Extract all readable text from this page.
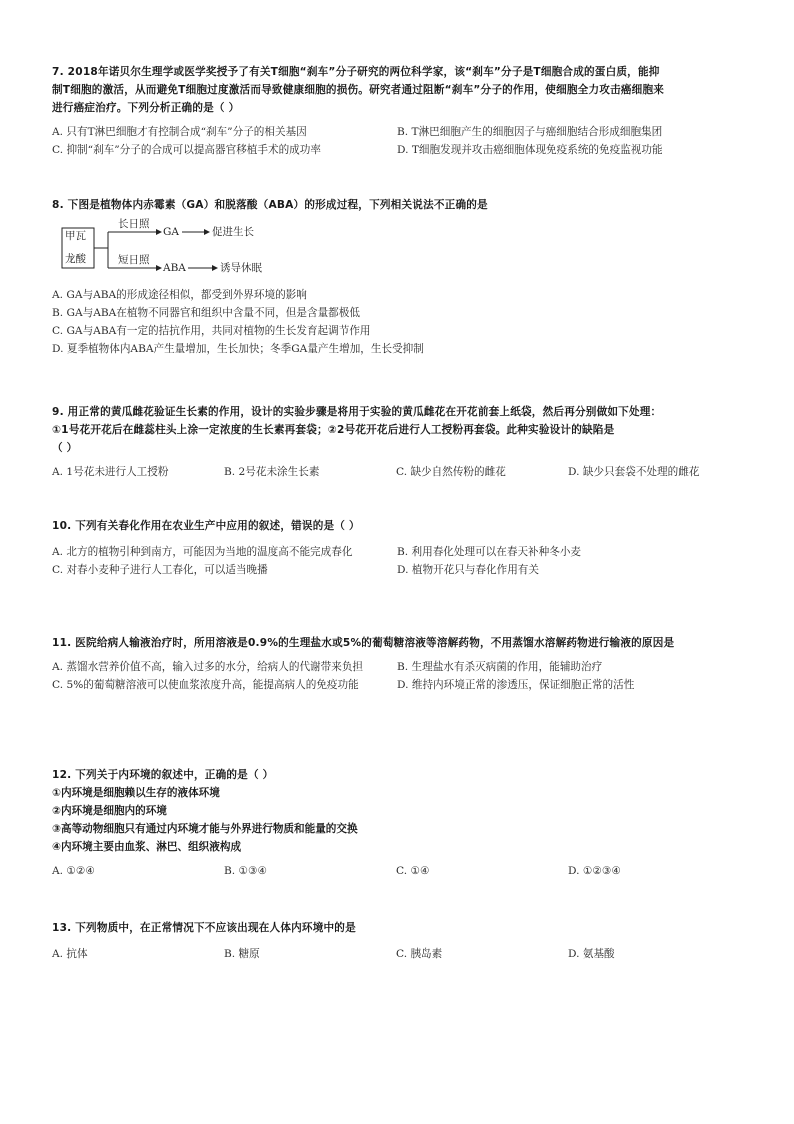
7. 2018年诺贝尔生理学或医学奖授予了有关T细胞“刹车”分子研究的两位科学家，该“刹车”分子是T细胞合成的蛋白质，能抑
制T细胞的激活，从而避免T细胞过度激活而导致健康细胞的损伤。研究者通过阻断“刹车”分子的作用，使细胞全力攻击癌细胞来
进行癌症治疗。下列分析正确的是（ ）
A. 只有T淋巴细胞才有控制合成“刹车”分子的相关基因	B. T淋巴细胞产生的细胞因子与癌细胞结合形成细胞集团
C. 抑制“刹车”分子的合成可以提高器官移植手术的成功率	D. T细胞发现并攻击癌细胞体现免疫系统的免疫监视功能
8. 下图是植物体内赤霉素（GA）和脱落酸（ABA）的形成过程，下列相关说法不正确的是
甲瓦
龙酸
长日照
短日照
GA
ABA
促进生长
诱导休眠
A. GA与ABA的形成途径相似，都受到外界环境的影响
B. GA与ABA在植物不同器官和组织中含量不同，但是含量都极低
C. GA与ABA有一定的拮抗作用，共同对植物的生长发育起调节作用
D. 夏季植物体内ABA产生量增加，生长加快；冬季GA量产生增加，生长受抑制
9. 用正常的黄瓜雌花验证生长素的作用，设计的实验步骤是将用于实验的黄瓜雌花在开花前套上纸袋，然后再分别做如下处理：
①1号花开花后在雌蕊柱头上涂一定浓度的生长素再套袋；②2号花开花后进行人工授粉再套袋。此种实验设计的缺陷是
（ ）
A. 1号花未进行人工授粉	B. 2号花未涂生长素	C. 缺少自然传粉的雌花	D. 缺少只套袋不处理的雌花
10. 下列有关春化作用在农业生产中应用的叙述，错误的是（ ）
A. 北方的植物引种到南方，可能因为当地的温度高不能完成春化	B. 利用春化处理可以在春天补种冬小麦
C. 对春小麦种子进行人工春化，可以适当晚播	D. 植物开花只与春化作用有关
11. 医院给病人输液治疗时，所用溶液是0.9%的生理盐水或5%的葡萄糖溶液等溶解药物，不用蒸馏水溶解药物进行输液的原因是
A. 蒸馏水营养价值不高，输入过多的水分，给病人的代谢带来负担	B. 生理盐水有杀灭病菌的作用，能辅助治疗
C. 5%的葡萄糖溶液可以使血浆浓度升高，能提高病人的免疫功能	D. 维持内环境正常的渗透压，保证细胞正常的活性
12. 下列关于内环境的叙述中，正确的是（ ）
①内环境是细胞赖以生存的液体环境
②内环境是细胞内的环境
③高等动物细胞只有通过内环境才能与外界进行物质和能量的交换
④内环境主要由血浆、淋巴、组织液构成
A. ①②④	B. ①③④	C. ①④	D. ①②③④
13. 下列物质中，在正常情况下不应该出现在人体内环境中的是
A. 抗体	B. 糖原	C. 胰岛素	D. 氨基酸
